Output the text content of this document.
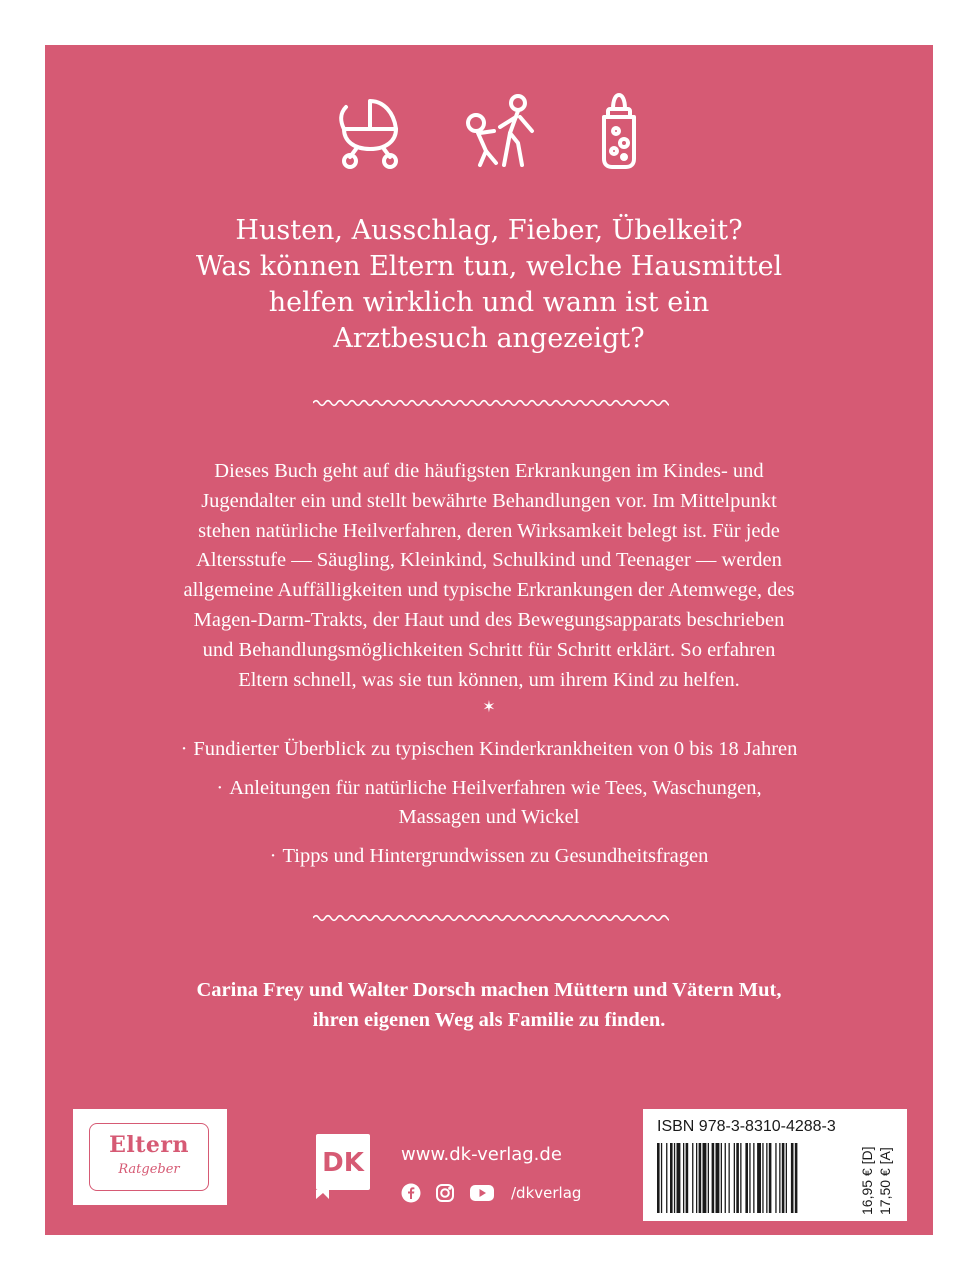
Husten, Ausschlag, Fieber, Übelkeit?
Was können Eltern tun, welche Hausmittel
helfen wirklich und wann ist ein
Arztbesuch angezeigt?
Dieses Buch geht auf die häufigsten Erkrankungen im Kindes- und
Jugendalter ein und stellt bewährte Behandlungen vor. Im Mittelpunkt
stehen natürliche Heilverfahren, deren Wirksamkeit belegt ist. Für jede
Altersstufe — Säugling, Kleinkind, Schulkind und Teenager — werden
allgemeine Auffälligkeiten und typische Erkrankungen der Atemwege, des
Magen-Darm-Trakts, der Haut und des Bewegungsapparats beschrieben
und Behandlungsmöglichkeiten Schritt für Schritt erklärt. So erfahren
Eltern schnell, was sie tun können, um ihrem Kind zu helfen.
✶
· Fundierter Überblick zu typischen Kinderkrankheiten von 0 bis 18 Jahren
· Anleitungen für natürliche Heilverfahren wie Tees, Waschungen,
Massagen und Wickel
· Tipps und Hintergrundwissen zu Gesundheitsfragen
Carina Frey und Walter Dorsch machen Müttern und Vätern Mut,
ihren eigenen Weg als Familie zu finden.
Eltern
Ratgeber	DK www.dk-verlag.de
/dkverlag
ISBN 978-3-8310-4288-3
16,95 € [D] 17,50 € [A]
